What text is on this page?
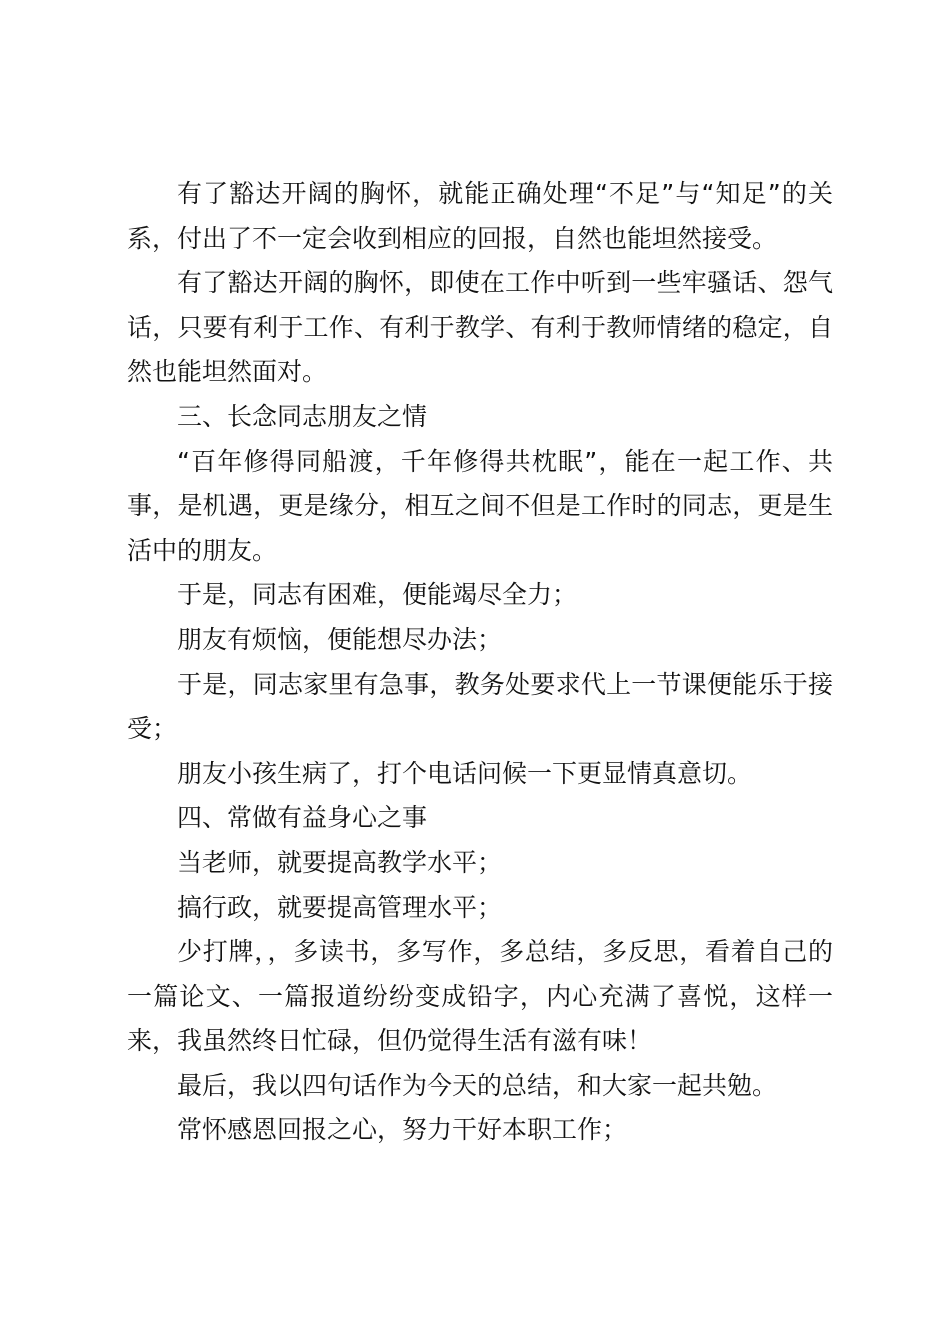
有了豁达开阔的胸怀，就能正确处理“不足”与“知足”的关系，付出了不一定会收到相应的回报，自然也能坦然接受。

有了豁达开阔的胸怀，即使在工作中听到一些牢骚话、怨气话，只要有利于工作、有利于教学、有利于教师情绪的稳定，自然也能坦然面对。

三、长念同志朋友之情

“百年修得同船渡，千年修得共枕眠”，能在一起工作、共事，是机遇，更是缘分，相互之间不但是工作时的同志，更是生活中的朋友。

于是，同志有困难，便能竭尽全力；

朋友有烦恼，便能想尽办法；

于是，同志家里有急事，教务处要求代上一节课便能乐于接受；

朋友小孩生病了，打个电话问候一下更显情真意切。

四、常做有益身心之事

当老师，就要提高教学水平；

搞行政，就要提高管理水平；

少打牌，，多读书，多写作，多总结，多反思，看着自己的一篇论文、一篇报道纷纷变成铅字，内心充满了喜悦，这样一来，我虽然终日忙碌，但仍觉得生活有滋有味！

最后，我以四句话作为今天的总结，和大家一起共勉。

常怀感恩回报之心，努力干好本职工作；
